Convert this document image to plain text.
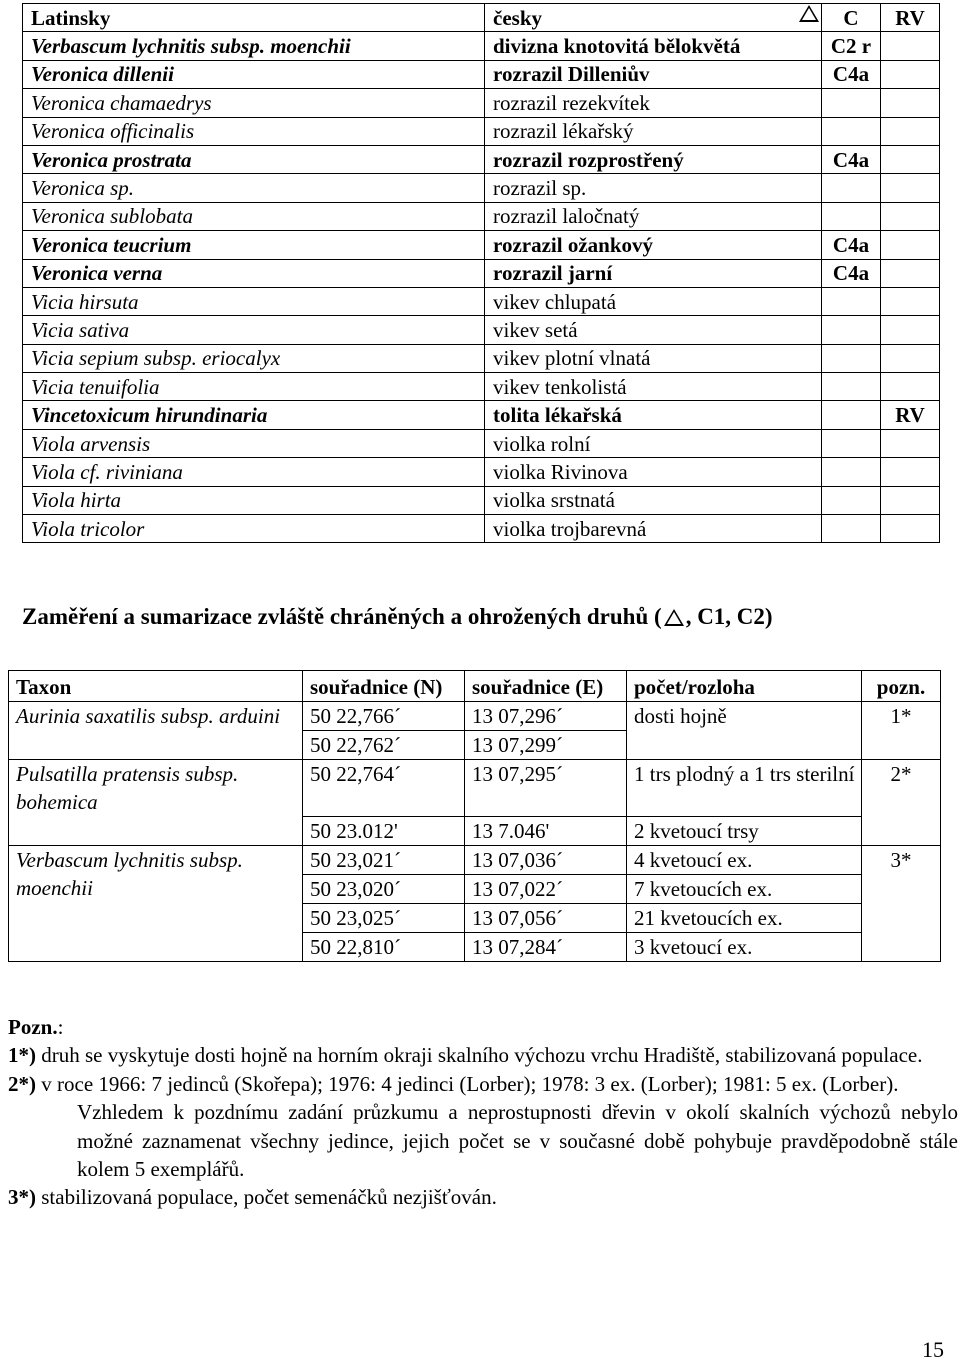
Latinsky	česky	C	RV
Verbascum lychnitis subsp. moenchii	divizna knotovitá bělokvětá	C2 r	
Veronica dillenii	rozrazil Dilleniův	C4a	
Veronica chamaedrys	rozrazil rezekvítek		
Veronica officinalis	rozrazil lékařský		
Veronica prostrata	rozrazil rozprostřený	C4a	
Veronica sp.	rozrazil sp.		
Veronica sublobata	rozrazil laločnatý		
Veronica teucrium	rozrazil ožankový	C4a	
Veronica verna	rozrazil jarní	C4a	
Vicia hirsuta	vikev chlupatá		
Vicia sativa	vikev setá		
Vicia sepium subsp. eriocalyx	vikev plotní vlnatá		
Vicia tenuifolia	vikev tenkolistá		
Vincetoxicum hirundinaria	tolita lékařská		RV
Viola arvensis	violka rolní		
Viola cf. riviniana	violka Rivinova		
Viola hirta	violka srstnatá		
Viola tricolor	violka trojbarevná		
Zaměření a sumarizace zvláště chráněných a ohrožených druhů ( , C1, C2)
Taxon	souřadnice (N)	souřadnice (E)	počet/rozloha	pozn.
Aurinia saxatilis subsp. arduini	50 22,766´	13 07,296´	dosti hojně	1*
	50 22,762´	13 07,299´		
Pulsatilla pratensis subsp. bohemica	50 22,764´	13 07,295´	1 trs plodný a 1 trs sterilní	2*
	50 23.012'	13 7.046'	2 kvetoucí trsy	
Verbascum lychnitis subsp. moenchii	50 23,021´	13 07,036´	4 kvetoucí ex.	3*
	50 23,020´	13 07,022´	7 kvetoucích ex.	
	50 23,025´	13 07,056´	21 kvetoucích ex.	
	50 22,810´	13 07,284´	3 kvetoucí ex.	

Pozn.:

1*) druh se vyskytuje dosti hojně na horním okraji skalního výchozu vrchu Hradiště, stabilizovaná populace.

2*) v roce 1966: 7 jedinců (Skořepa); 1976: 4 jedinci (Lorber); 1978: 3 ex. (Lorber); 1981: 5 ex. (Lorber).

Vzhledem k pozdnímu zadání průzkumu a neprostupnosti dřevin v okolí skalních výchozů nebylo možné zaznamenat všechny jedince, jejich počet se v současné době pohybuje pravděpodobně stále kolem 5 exemplářů.

3*) stabilizovaná populace, počet semenáčků nezjišťován.

15
